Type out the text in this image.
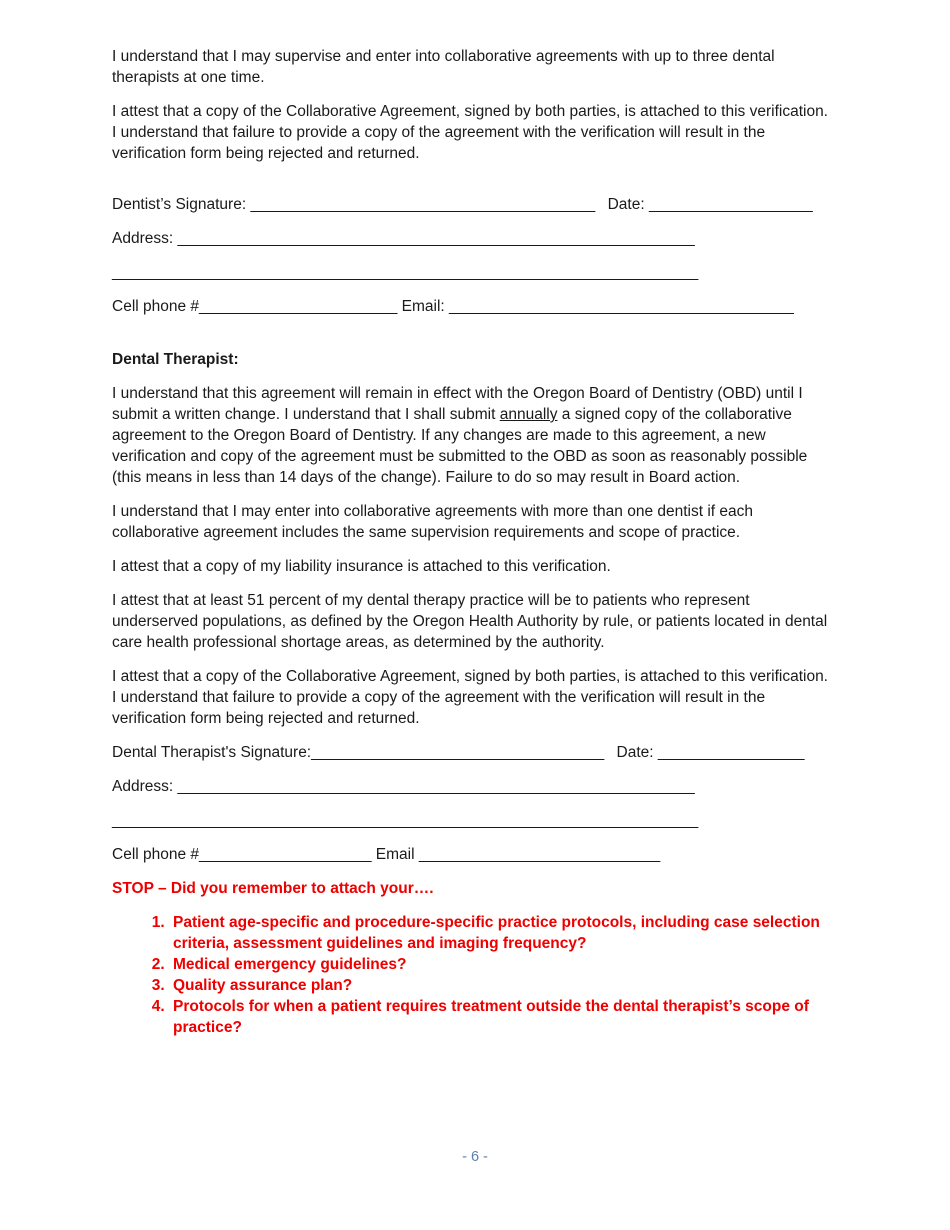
I understand that I may supervise and enter into collaborative agreements with up to three dental therapists at one time.

I attest that a copy of the Collaborative Agreement, signed by both parties, is attached to this verification. I understand that failure to provide a copy of the agreement with the verification will result in the verification form being rejected and returned.

Dentist’s Signature: ________________________________________ Date: ___________________

Address: ____________________________________________________________

____________________________________________________________________

Cell phone #_______________________ Email: ________________________________________

Dental Therapist:

I understand that this agreement will remain in effect with the Oregon Board of Dentistry (OBD) until I submit a written change. I understand that I shall submit annually a signed copy of the collaborative agreement to the Oregon Board of Dentistry. If any changes are made to this agreement, a new verification and copy of the agreement must be submitted to the OBD as soon as reasonably possible (this means in less than 14 days of the change). Failure to do so may result in Board action.

I understand that I may enter into collaborative agreements with more than one dentist if each collaborative agreement includes the same supervision requirements and scope of practice.

I attest that a copy of my liability insurance is attached to this verification.

I attest that at least 51 percent of my dental therapy practice will be to patients who represent underserved populations, as defined by the Oregon Health Authority by rule, or patients located in dental care health professional shortage areas, as determined by the authority.

I attest that a copy of the Collaborative Agreement, signed by both parties, is attached to this verification. I understand that failure to provide a copy of the agreement with the verification will result in the verification form being rejected and returned.

Dental Therapist's Signature:__________________________________ Date: _________________

Address: ____________________________________________________________

____________________________________________________________________

Cell phone #____________________ Email ____________________________

STOP – Did you remember to attach your….

1. Patient age-specific and procedure-specific practice protocols, including case selection criteria, assessment guidelines and imaging frequency?
2. Medical emergency guidelines?
3. Quality assurance plan?
4. Protocols for when a patient requires treatment outside the dental therapist’s scope of practice?
- 6 -
